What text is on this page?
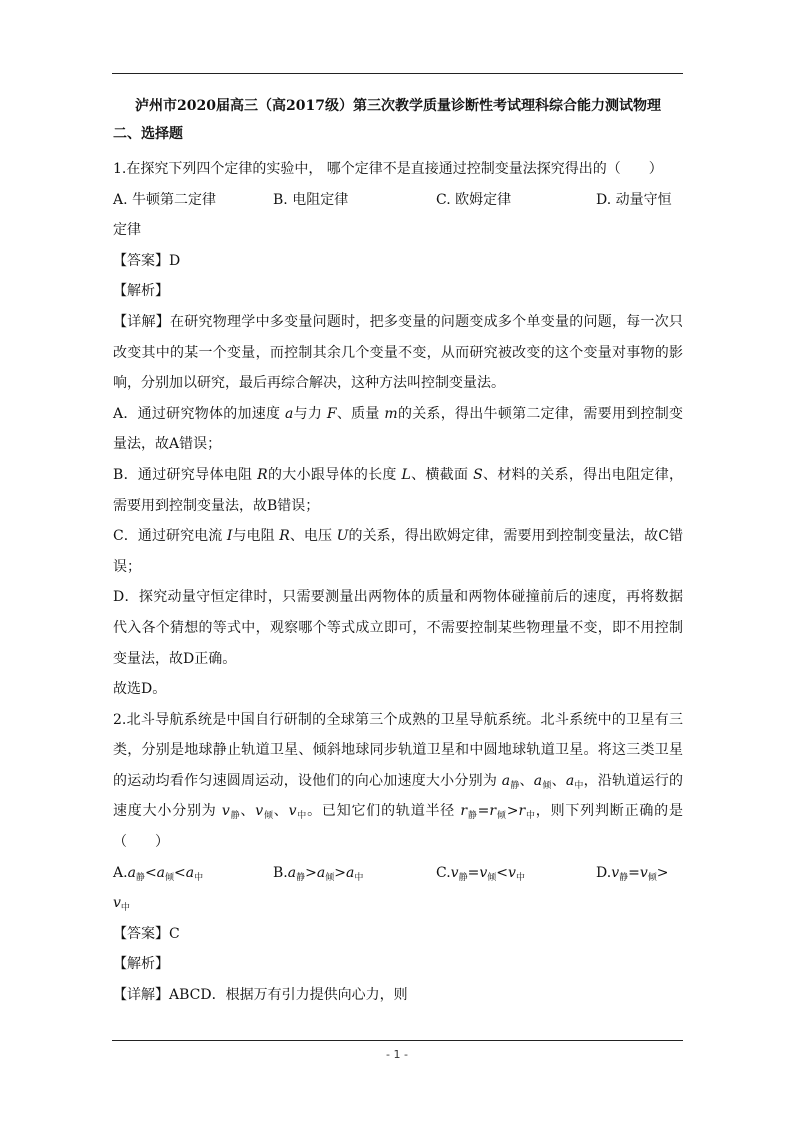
泸州市2020届高三（高2017级）第三次教学质量诊断性考试理科综合能力测试物理
二、选择题

1.在探究下列四个定律的实验中， 哪个定律不是直接通过控制变量法探究得出的（　　）

A. 牛顿第二定律	B. 电阻定律	C. 欧姆定律	D. 动量守恒

定律

【答案】D

【解析】

【详解】在研究物理学中多变量问题时，把多变量的问题变成多个单变量的问题，每一次只改变其中的某一个变量，而控制其余几个变量不变，从而研究被改变的这个变量对事物的影响，分别加以研究，最后再综合解决，这种方法叫控制变量法。

A．通过研究物体的加速度 a与力 F、质量 m的关系，得出牛顿第二定律，需要用到控制变量法，故A错误；

B．通过研究导体电阻 R的大小跟导体的长度 L、横截面 S、材料的关系，得出电阻定律，需要用到控制变量法，故B错误；

C．通过研究电流 I与电阻 R、电压 U的关系，得出欧姆定律，需要用到控制变量法，故C错误；

D．探究动量守恒定律时，只需要测量出两物体的质量和两物体碰撞前后的速度，再将数据代入各个猜想的等式中，观察哪个等式成立即可，不需要控制某些物理量不变，即不用控制变量法，故D正确。

故选D。

2.北斗导航系统是中国自行研制的全球第三个成熟的卫星导航系统。北斗系统中的卫星有三类，分别是地球静止轨道卫星、倾斜地球同步轨道卫星和中圆地球轨道卫星。将这三类卫星的运动均看作匀速圆周运动，设他们的向心加速度大小分别为 $a_静$、$a_倾$、$a_中$，沿轨道运行的速度大小分别为 $v_静$、$v_倾$、$v_中$。已知它们的轨道半径 $r_静=r_倾>r_中$，则下列判断正确的是（　　）

$A.a_静<a_倾<a_中$	$B.a_静>a_倾>a_中$	$C.v_静=v_倾<v_中$	$D.v_静=v_倾>$

$v_中$

【答案】C

【解析】

【详解】ABCD．根据万有引力提供向心力，则

- 1 -
